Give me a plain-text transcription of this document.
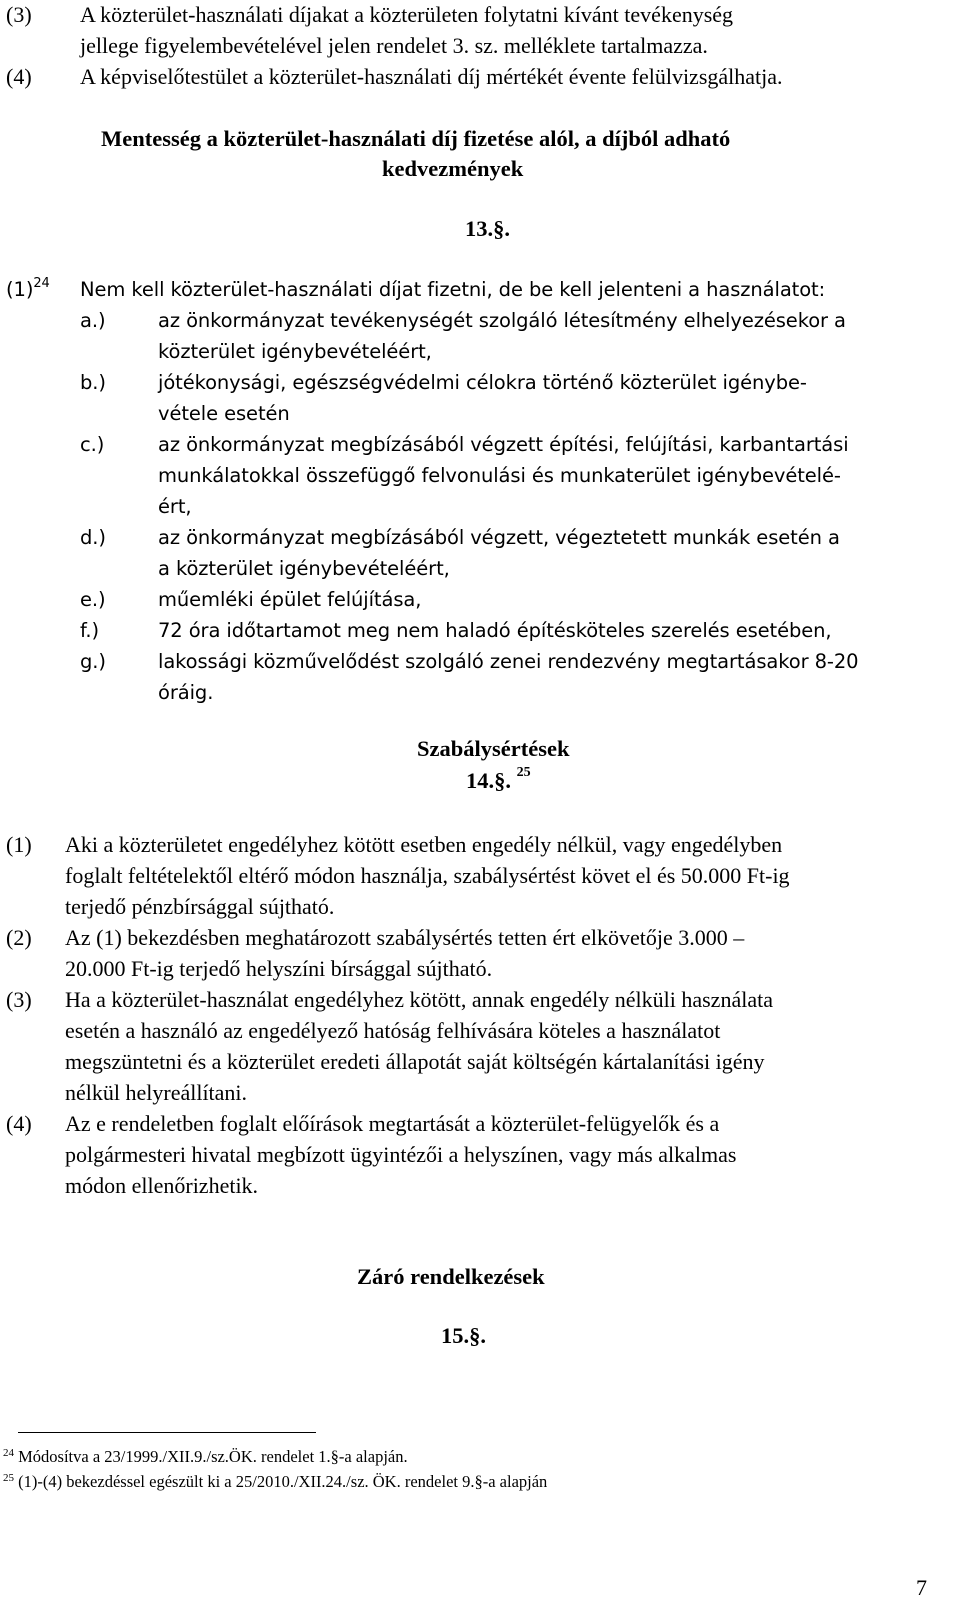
(3) A közterület-használati díjakat a közterületen folytatni kívánt tevékenység
jellege figyelembevételével jelen rendelet 3. sz. melléklete tartalmazza.
(4) A képviselőtestület a közterület-használati díj mértékét évente felülvizsgálhatja.
Mentesség a közterület-használati díj fizetése alól, a díjból adható
kedvezmények
13.§.
$(1)^{24}$ Nem kell közterület-használati díjat fizetni, de be kell jelenteni a használatot:
a.)	az önkormányzat tevékenységét szolgáló létesítmény elhelyezésekor a
közterület igénybevételéért,
b.)	jótékonysági, egészségvédelmi célokra történő közterület igénybe-
vétele esetén
c.)	az önkormányzat megbízásából végzett építési, felújítási, karbantartási
munkálatokkal összefüggő felvonulási és munkaterület igénybevételé-
ért,
d.)	az önkormányzat megbízásából végzett, végeztetett munkák esetén a
a közterület igénybevételéért,
e.)	műemléki épület felújítása,
f.)	72 óra időtartamot meg nem haladó építésköteles szerelés esetében,
g.)	lakossági közművelődést szolgáló zenei rendezvény megtartásakor 8-20
óráig.
Szabálysértések
14.§. $^{25}$
(1) Aki a közterületet engedélyhez kötött esetben engedély nélkül, vagy engedélyben
foglalt feltételektől eltérő módon használja, szabálysértést követ el és 50.000 Ft-ig
terjedő pénzbírsággal sújtható.
(2) Az (1) bekezdésben meghatározott szabálysértés tetten ért elkövetője 3.000 –
20.000 Ft-ig terjedő helyszíni bírsággal sújtható.
(3) Ha a közterület-használat engedélyhez kötött, annak engedély nélküli használata
esetén a használó az engedélyező hatóság felhívására köteles a használatot
megszüntetni és a közterület eredeti állapotát saját költségén kártalanítási igény
nélkül helyreállítani.
(4) Az e rendeletben foglalt előírások megtartását a közterület-felügyelők és a
polgármesteri hivatal megbízott ügyintézői a helyszínen, vagy más alkalmas
módon ellenőrizhetik.
Záró rendelkezések
15.§.
$^{24}$ Módosítva a 23/1999./XII.9./sz.ÖK. rendelet 1.§-a alapján.
$^{25}$ (1)-(4) bekezdéssel egészült ki a 25/2010./XII.24./sz. ÖK. rendelet 9.§-a alapján
7
